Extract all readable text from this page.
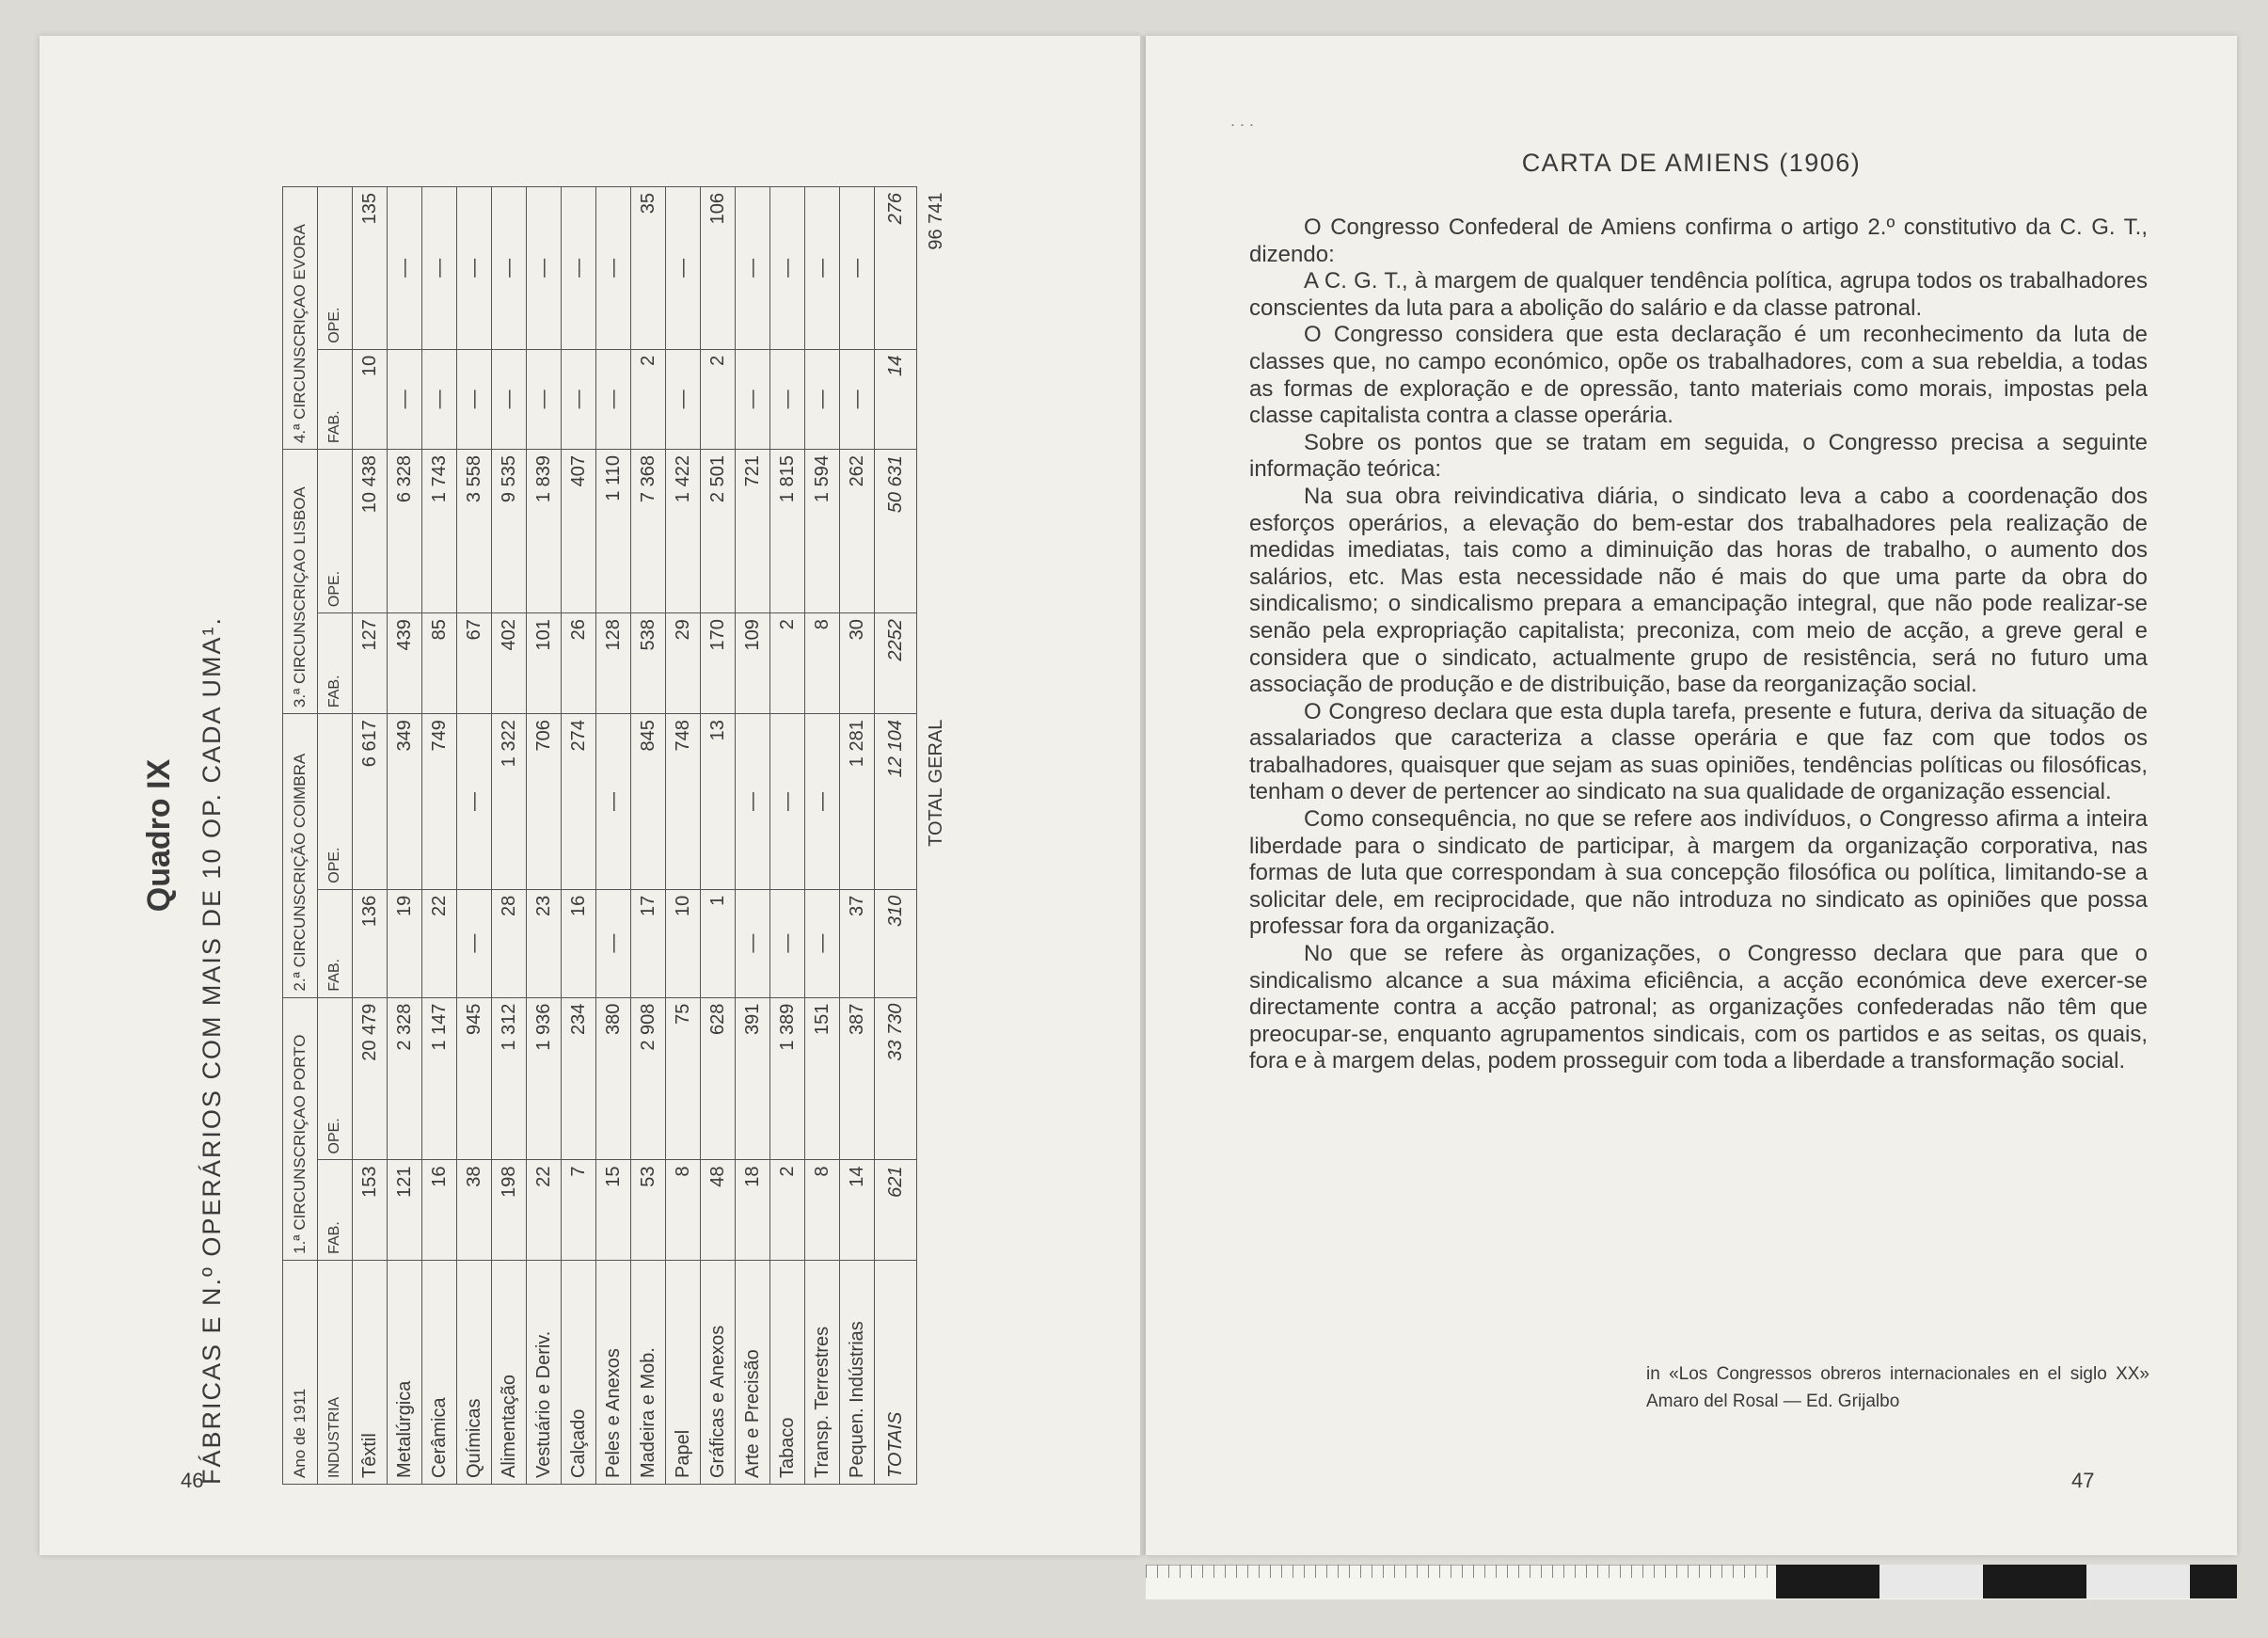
Quadro IX FÁBRICAS E N.º OPERÁRIOS COM MAIS DE 10 OP. CADA UMA¹.	Ano de 1911	1.ª CIRCUNSCRIÇAO PORTO		2.ª CIRCUNSCRIÇÃO COIMBRA		3.ª CIRCUNSCRIÇAO LISBOA		4.ª CIRCUNSCRIÇAO EVORA	
INDUSTRIA	FAB.	OPE.	FAB.	OPE.	FAB.	OPE.	FAB.	OPE.
Têxtil	153	20 479	136	6 617	127	10 438	10	135
Metalúrgica	121	2 328	19	349	439	6 328	—	—
Cerâmica	16	1 147	22	749	85	1 743	—	—
Químicas	38	945	—	—	67	3 558	—	—
Alimentação	198	1 312	28	1 322	402	9 535	—	—
Vestuário e Deriv.	22	1 936	23	706	101	1 839	—	—
Calçado	7	234	16	274	26	407	—	—
Peles e Anexos	15	380	—	—	128	1 110	—	—
Madeira e Mob.	53	2 908	17	845	538	7 368	2	35
Papel	8	75	10	748	29	1 422	—	—
Gráficas e Anexos	48	628	1	13	170	2 501	2	106
Arte e Precisão	18	391	—	—	109	721	—	—
Tabaco	2	1 389	—	—	2	1 815	—	—
Transp. Terrestres	8	151	—	—	8	1 594	—	—
Pequen. Indústrias	14	387	37	1 281	30	262	—	—
TOTAIS	621	33 730	310	12 104	2252	50 631	14	276
	TOTAL GERAL							96 741
46
. . .
CARTA DE AMIENS (1906)

O Congresso Confederal de Amiens confirma o artigo 2.º constitutivo da C. G. T., dizendo:

A C. G. T., à margem de qualquer tendência política, agrupa todos os trabalhadores conscientes da luta para a abolição do salário e da classe patronal.

O Congresso considera que esta declaração é um reconhecimento da luta de classes que, no campo económico, opõe os trabalhadores, com a sua rebeldia, a todas as formas de exploração e de opressão, tanto materiais como morais, impostas pela classe capitalista contra a classe operária.

Sobre os pontos que se tratam em seguida, o Congresso precisa a seguinte informação teórica:

Na sua obra reivindicativa diária, o sindicato leva a cabo a coordenação dos esforços operários, a elevação do bem-estar dos trabalhadores pela realização de medidas imediatas, tais como a diminuição das horas de trabalho, o aumento dos salários, etc. Mas esta necessidade não é mais do que uma parte da obra do sindicalismo; o sindicalismo prepara a emancipação integral, que não pode realizar-se senão pela expropriação capitalista; preconiza, com meio de acção, a greve geral e considera que o sindicato, actualmente grupo de resistência, será no futuro uma associação de produção e de distribuição, base da reorganização social.

O Congreso declara que esta dupla tarefa, presente e futura, deriva da situação de assalariados que caracteriza a classe operária e que faz com que todos os trabalhadores, quaisquer que sejam as suas opiniões, tendências políticas ou filosóficas, tenham o dever de pertencer ao sindicato na sua qualidade de organização essencial.

Como consequência, no que se refere aos indivíduos, o Congresso afirma a inteira liberdade para o sindicato de participar, à margem da organização corporativa, nas formas de luta que correspondam à sua concepção filosófica ou política, limitando-se a solicitar dele, em reciprocidade, que não introduza no sindicato as opiniões que possa professar fora da organização.

No que se refere às organizações, o Congresso declara que para que o sindicalismo alcance a sua máxima eficiência, a acção económica deve exercer-se directamente contra a acção patronal; as organizações confederadas não têm que preocupar-se, enquanto agrupamentos sindicais, com os partidos e as seitas, os quais, fora e à margem delas, podem prosseguir com toda a liberdade a transformação social.

in «Los Congressos obreros internacionales en el siglo XX» Amaro del Rosal — Ed. Grijalbo
47
